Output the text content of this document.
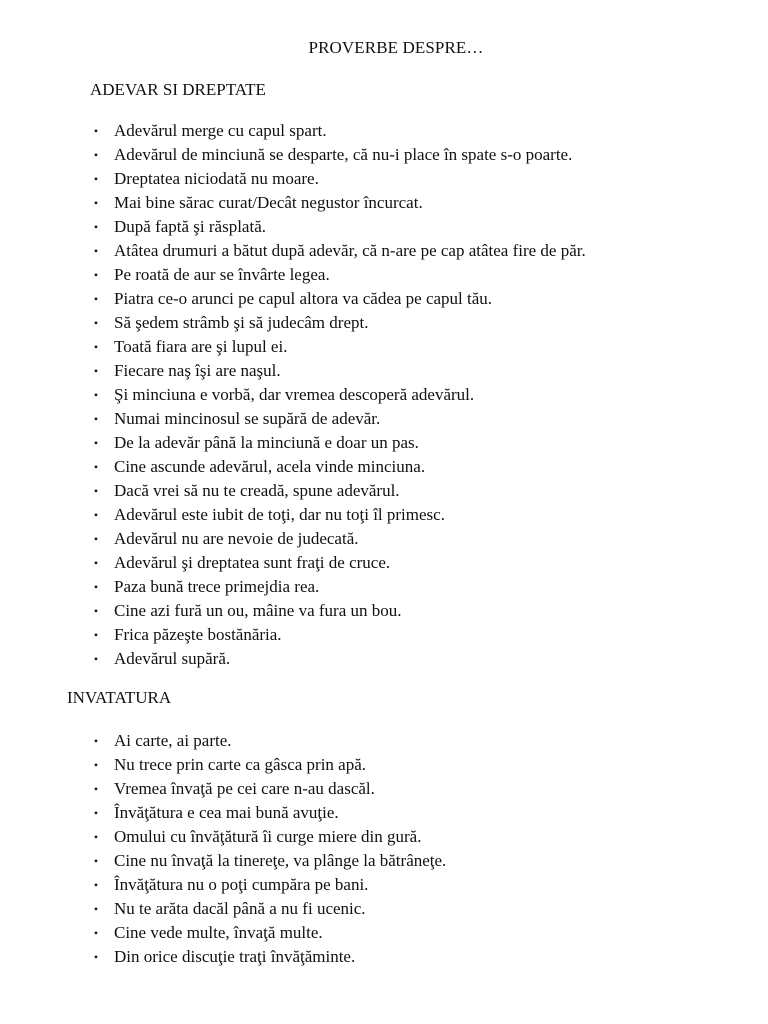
PROVERBE DESPRE…
ADEVAR SI DREPTATE
• Adevărul merge cu capul spart.
• Adevărul de minciună se desparte, că nu-i place în spate s-o poarte.
• Dreptatea niciodată nu moare.
• Mai bine sărac curat/Decât negustor încurcat.
• După faptă şi răsplată.
• Atâtea drumuri a bătut după adevăr, că n-are pe cap atâtea fire de păr.
• Pe roată de aur se învârte legea.
• Piatra ce-o arunci pe capul altora va cădea pe capul tău.
• Să şedem strâmb şi să judecâm drept.
• Toată fiara are şi lupul ei.
• Fiecare naş îşi are naşul.
• Şi minciuna e vorbă, dar vremea descoperă adevărul.
• Numai mincinosul se supără de adevăr.
• De la adevăr până la minciună e doar un pas.
• Cine ascunde adevărul, acela vinde minciuna.
• Dacă vrei să nu te creadă, spune adevărul.
• Adevărul este iubit de toţi, dar nu toţi îl primesc.
• Adevărul nu are nevoie de judecată.
• Adevărul şi dreptatea sunt fraţi de cruce.
• Paza bună trece primejdia rea.
• Cine azi fură un ou, mâine va fura un bou.
• Frica păzeşte bostănăria.
• Adevărul supără.
INVATATURA
• Ai carte, ai parte.
• Nu trece prin carte ca gâsca prin apă.
• Vremea învaţă pe cei care n-au dascăl.
• Învăţătura e cea mai bună avuţie.
• Omului cu învăţătură îi curge miere din gură.
• Cine nu învaţă la tinereţe, va plânge la bătrâneţe.
• Învăţătura nu o poţi cumpăra pe bani.
• Nu te arăta dacăl până a nu fi ucenic.
• Cine vede multe, învaţă multe.
• Din orice discuţie traţi învăţăminte.
